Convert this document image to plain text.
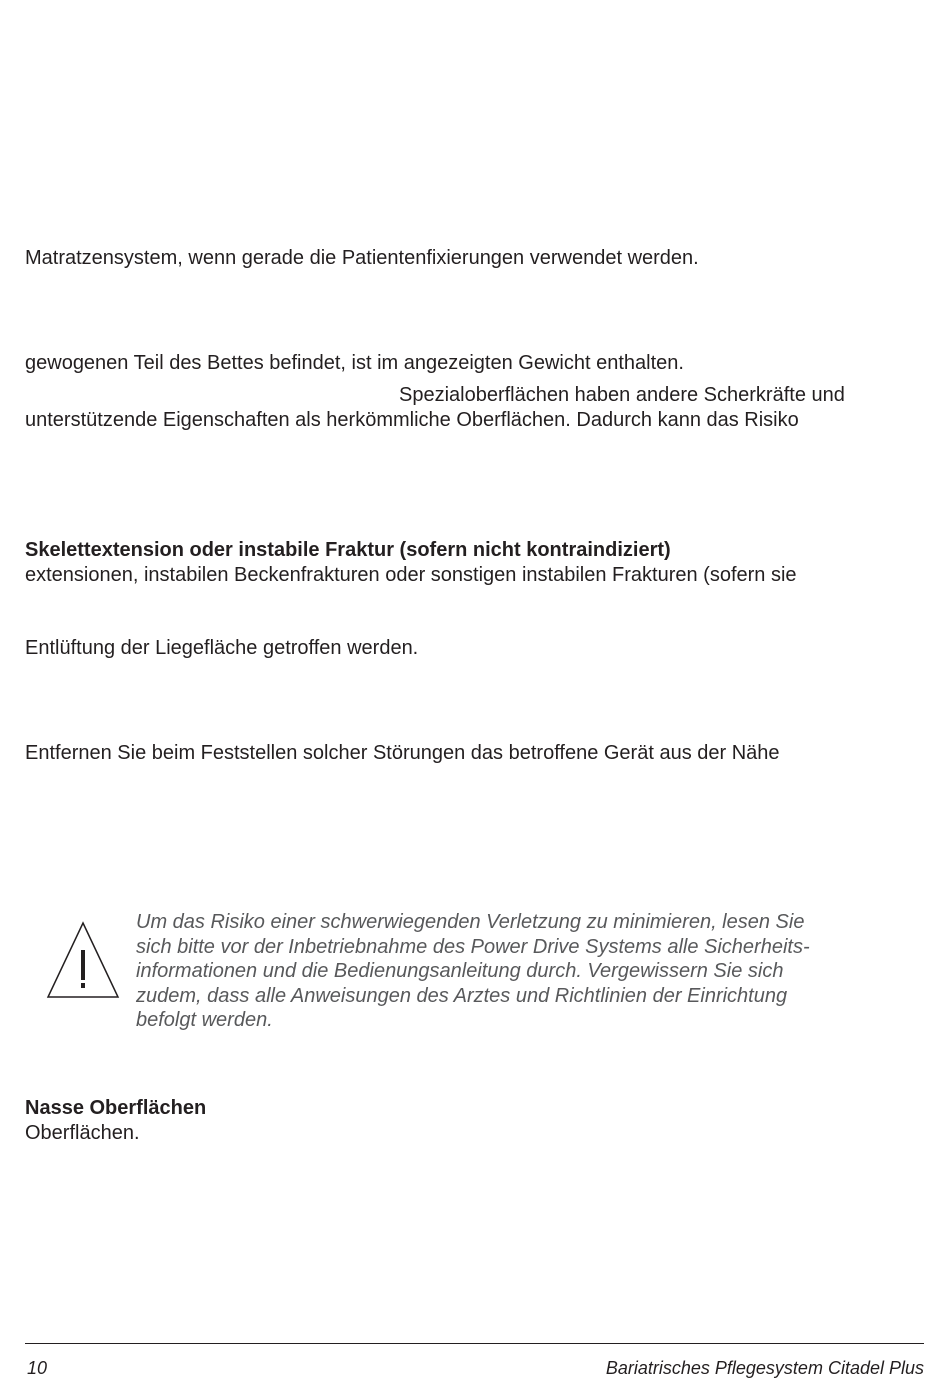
Matratzensystem, wenn gerade die Patientenfixierungen verwendet werden.
gewogenen Teil des Bettes befindet, ist im angezeigten Gewicht enthalten.
Spezialoberflächen haben andere Scherkräfte und
unterstützende Eigenschaften als herkömmliche Oberflächen. Dadurch kann das Risiko
Skelettextension oder instabile Fraktur (sofern nicht kontraindiziert)
extensionen, instabilen Beckenfrakturen oder sonstigen instabilen Frakturen (sofern sie
Entlüftung der Liegefläche getroffen werden.
Entfernen Sie beim Feststellen solcher Störungen das betroffene Gerät aus der Nähe
Um das Risiko einer schwerwiegenden Verletzung zu minimieren, lesen Sie
sich bitte vor der Inbetriebnahme des Power Drive Systems alle Sicherheits-
informationen und die Bedienungsanleitung durch. Vergewissern Sie sich
zudem, dass alle Anweisungen des Arztes und Richtlinien der Einrichtung
befolgt werden.
Nasse Oberflächen
Oberflächen.
10	Bariatrisches Pflegesystem Citadel Plus
